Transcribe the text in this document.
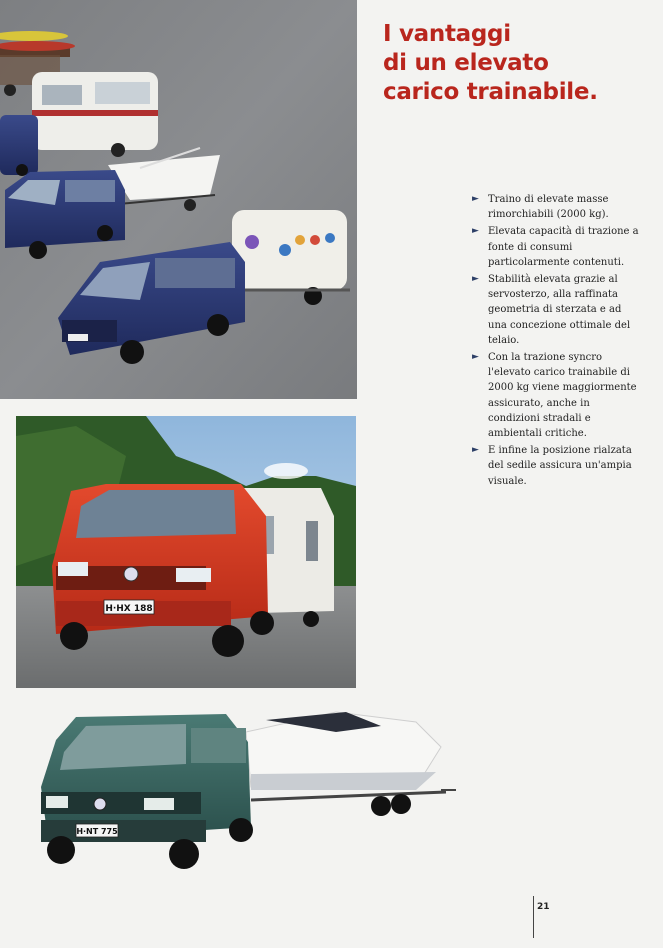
H·HX 188
H·NT 775
I vantaggi
di un elevato
carico trainabile.
► Traino di elevate masse rimorchiabili (2000 kg).
► Elevata capacità di trazione a fonte di consumi particolarmente contenuti.
► Stabilità elevata grazie al servosterzo, alla raffinata geometria di sterzata e ad una concezione ottimale del telaio.
► Con la trazione syncro l'elevato carico trainabile di 2000 kg viene maggiormente assicurato, anche in condizioni stradali e ambientali critiche.
► E infine la posizione rialzata del sedile assicura un'ampia visuale.
21
